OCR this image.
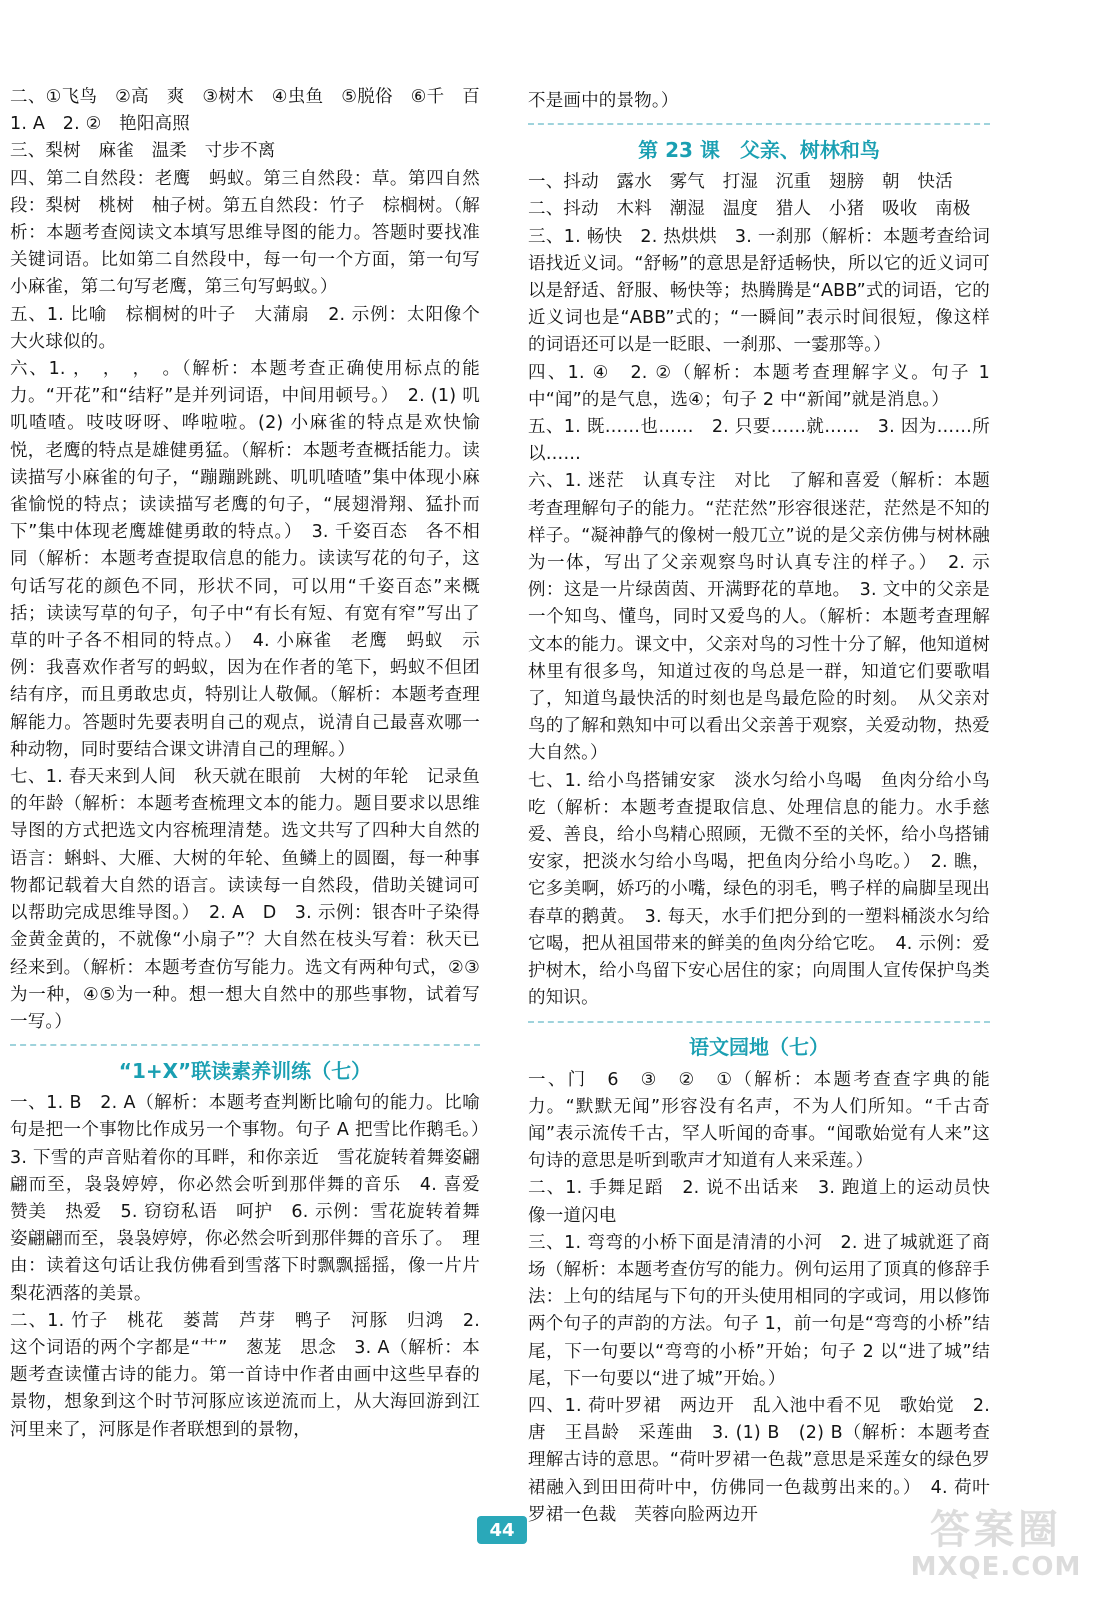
二、①飞鸟　②高　爽　③树木　④虫鱼　⑤脱俗　⑥千　百　1. A　2. ②　艳阳高照

三、梨树　麻雀　温柔　寸步不离

四、第二自然段：老鹰　蚂蚁。第三自然段：草。第四自然段：梨树　桃树　柚子树。第五自然段：竹子　棕榈树。（解析：本题考查阅读文本填写思维导图的能力。答题时要找准关键词语。比如第二自然段中，每一句一个方面，第一句写小麻雀，第二句写老鹰，第三句写蚂蚁。）

五、1. 比喻　棕榈树的叶子　大蒲扇　2. 示例：太阳像个大火球似的。

六、1. ，　，　，　。（解析：本题考查正确使用标点的能力。“开花”和“结籽”是并列词语，中间用顿号。）　2. (1) 叽叽喳喳。吱吱呀呀、哗啦啦。(2) 小麻雀的特点是欢快愉悦，老鹰的特点是雄健勇猛。（解析：本题考查概括能力。读读描写小麻雀的句子，“蹦蹦跳跳、叽叽喳喳”集中体现小麻雀愉悦的特点；读读描写老鹰的句子，“展翅滑翔、猛扑而下”集中体现老鹰雄健勇敢的特点。）　3. 千姿百态　各不相同（解析：本题考查提取信息的能力。读读写花的句子，这句话写花的颜色不同，形状不同，可以用“千姿百态”来概括；读读写草的句子，句子中“有长有短、有宽有窄”写出了草的叶子各不相同的特点。）　4. 小麻雀　老鹰　蚂蚁　示例：我喜欢作者写的蚂蚁，因为在作者的笔下，蚂蚁不但团结有序，而且勇敢忠贞，特别让人敬佩。（解析：本题考查理解能力。答题时先要表明自己的观点，说清自己最喜欢哪一种动物，同时要结合课文讲清自己的理解。）

七、1. 春天来到人间　秋天就在眼前　大树的年轮　记录鱼的年龄（解析：本题考查梳理文本的能力。题目要求以思维导图的方式把选文内容梳理清楚。选文共写了四种大自然的语言：蝌蚪、大雁、大树的年轮、鱼鳞上的圆圈，每一种事物都记载着大自然的语言。读读每一自然段，借助关键词可以帮助完成思维导图。）　2. A　D　3. 示例：银杏叶子染得金黄金黄的，不就像“小扇子”？大自然在枝头写着：秋天已经来到。（解析：本题考查仿写能力。选文有两种句式，②③为一种，④⑤为一种。想一想大自然中的那些事物，试着写一写。）

“1+X”联读素养训练（七）

一、1. B　2. A（解析：本题考查判断比喻句的能力。比喻句是把一个事物比作成另一个事物。句子 A 把雪比作鹅毛。）　3. 下雪的声音贴着你的耳畔，和你亲近　雪花旋转着舞姿翩翩而至，袅袅婷婷，你必然会听到那伴舞的音乐　4. 喜爱　赞美　热爱　5. 窃窃私语　呵护　6. 示例：雪花旋转着舞姿翩翩而至，袅袅婷婷，你必然会听到那伴舞的音乐了。　理由：读着这句话让我仿佛看到雪落下时飘飘摇摇，像一片片梨花洒落的美景。

二、1. 竹子　桃花　蒌蒿　芦芽　鸭子　河豚　归鸿　2. 这个词语的两个字都是“艹”　葱茏　思念　3. A（解析：本题考查读懂古诗的能力。第一首诗中作者由画中这些早春的景物，想象到这个时节河豚应该逆流而上，从大海回游到江河里来了，河豚是作者联想到的景物，

不是画中的景物。）

第 23 课　父亲、树林和鸟

一、抖动　露水　雾气　打湿　沉重　翅膀　朝　快活

二、抖动　木料　潮湿　温度　猎人　小猪　吸收　南极

三、1. 畅快　2. 热烘烘　3. 一刹那（解析：本题考查给词语找近义词。“舒畅”的意思是舒适畅快，所以它的近义词可以是舒适、舒服、畅快等；热腾腾是“ABB”式的词语，它的近义词也是“ABB”式的；“一瞬间”表示时间很短，像这样的词语还可以是一眨眼、一刹那、一霎那等。）

四、1. ④　2. ②（解析：本题考查理解字义。句子 1 中“闻”的是气息，选④；句子 2 中“新闻”就是消息。）

五、1. 既……也……　2. 只要……就……　3. 因为……所以……

六、1. 迷茫　认真专注　对比　了解和喜爱（解析：本题考查理解句子的能力。“茫茫然”形容很迷茫，茫然是不知的样子。“凝神静气的像树一般兀立”说的是父亲仿佛与树林融为一体，写出了父亲观察鸟时认真专注的样子。）　2. 示例：这是一片绿茵茵、开满野花的草地。　3. 文中的父亲是一个知鸟、懂鸟，同时又爱鸟的人。（解析：本题考查理解文本的能力。课文中，父亲对鸟的习性十分了解，他知道树林里有很多鸟，知道过夜的鸟总是一群，知道它们要歌唱了，知道鸟最快活的时刻也是鸟最危险的时刻。　从父亲对鸟的了解和熟知中可以看出父亲善于观察，关爱动物，热爱大自然。）

七、1. 给小鸟搭铺安家　淡水匀给小鸟喝　鱼肉分给小鸟吃（解析：本题考查提取信息、处理信息的能力。水手慈爱、善良，给小鸟精心照顾，无微不至的关怀，给小鸟搭铺安家，把淡水匀给小鸟喝，把鱼肉分给小鸟吃。）　2. 瞧，它多美啊，娇巧的小嘴，绿色的羽毛，鸭子样的扁脚呈现出春草的鹅黄。　3. 每天，水手们把分到的一塑料桶淡水匀给它喝，把从祖国带来的鲜美的鱼肉分给它吃。　4. 示例：爱护树木，给小鸟留下安心居住的家；向周围人宣传保护鸟类的知识。

语文园地（七）

一、门　6　③　②　①（解析：本题考查查字典的能力。“默默无闻”形容没有名声，不为人们所知。“千古奇闻”表示流传千古，罕人听闻的奇事。“闻歌始觉有人来”这句诗的意思是听到歌声才知道有人来采莲。）

二、1. 手舞足蹈　2. 说不出话来　3. 跑道上的运动员快　像一道闪电

三、1. 弯弯的小桥下面是清清的小河　2. 进了城就逛了商场（解析：本题考查仿写的能力。例句运用了顶真的修辞手法：上句的结尾与下句的开头使用相同的字或词，用以修饰两个句子的声韵的方法。句子 1，前一句是“弯弯的小桥”结尾，下一句要以“弯弯的小桥”开始；句子 2 以“进了城”结尾，下一句要以“进了城”开始。）

四、1. 荷叶罗裙　两边开　乱入池中看不见　歌始觉　2. 唐　王昌龄　采莲曲　3. (1) B　(2) B（解析：本题考查理解古诗的意思。“荷叶罗裙一色裁”意思是采莲女的绿色罗裙融入到田田荷叶中，仿佛同一色裁剪出来的。）　4. 荷叶罗裙一色裁　芙蓉向脸两边开

44	答案圈
MXQE.COM
